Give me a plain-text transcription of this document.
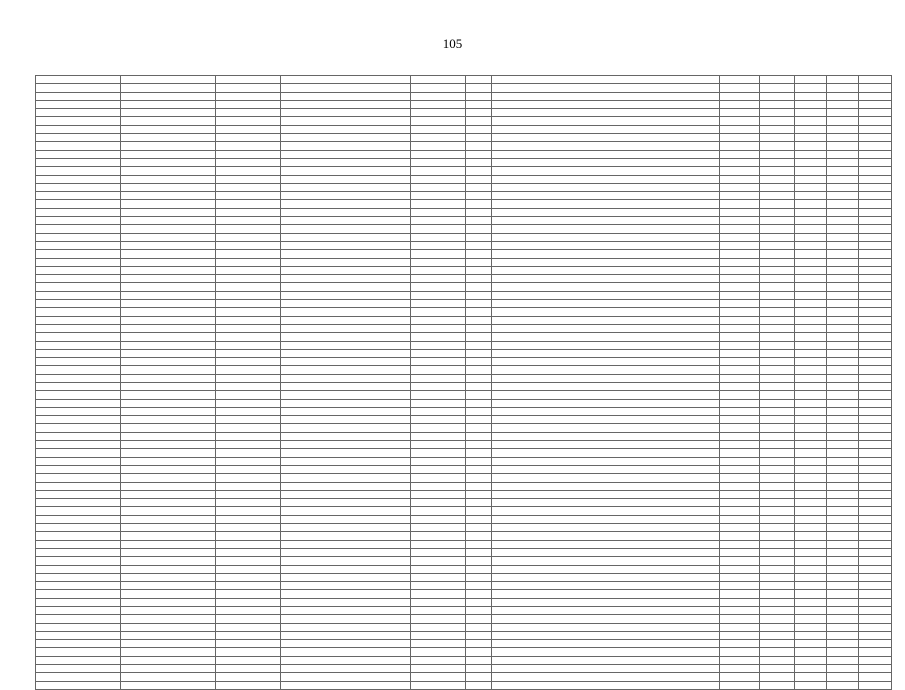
105
